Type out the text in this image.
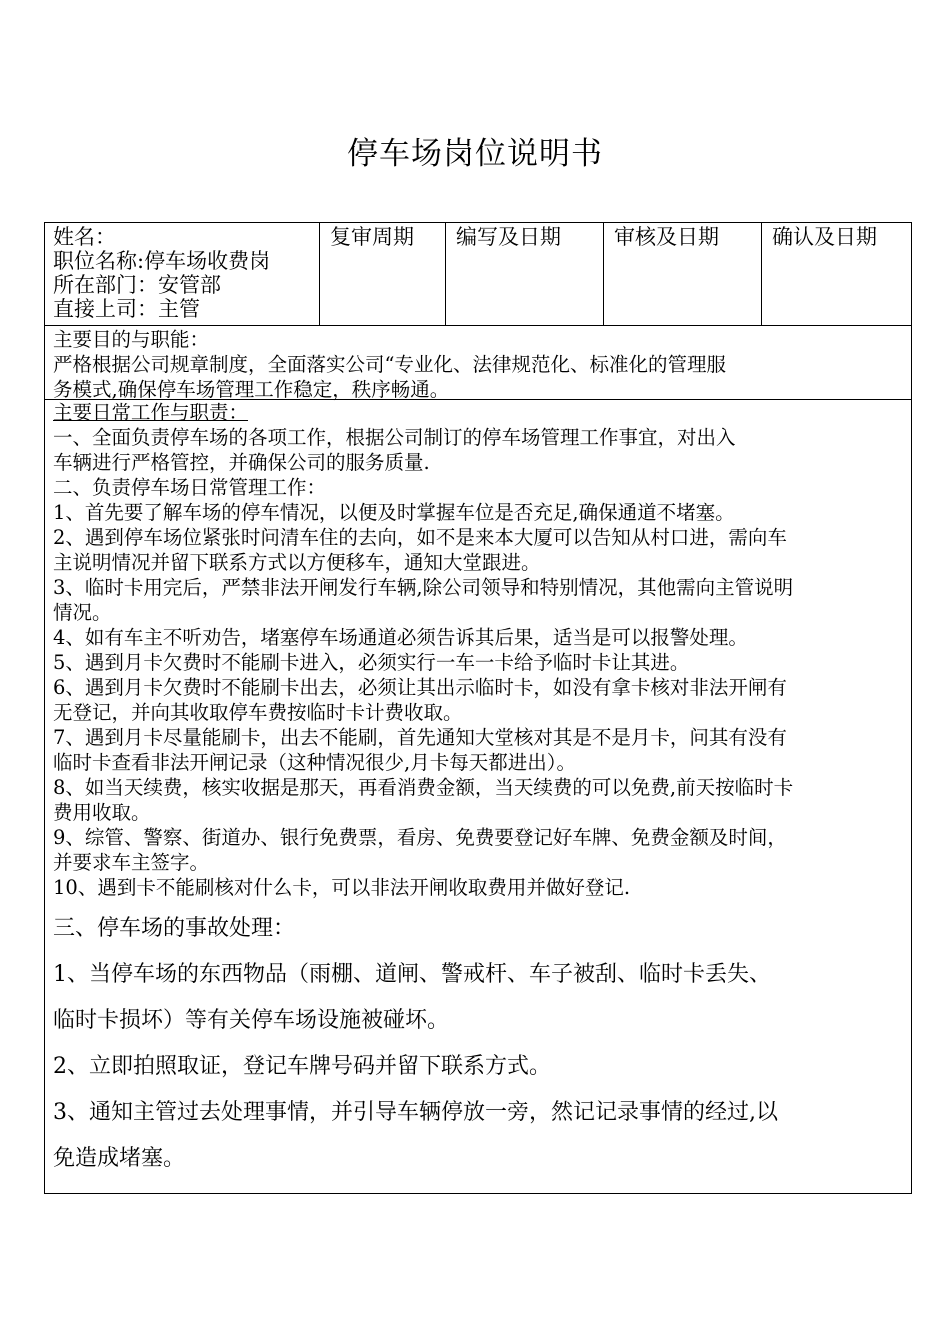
停车场岗位说明书
姓名：
职位名称:停车场收费岗
所在部门：安管部
直接上司：主管
复审周期	编写及日期	审核及日期	确认及日期
主要目的与职能：
严格根据公司规章制度，全面落实公司“专业化、法律规范化、标准化的管理服
务模式,确保停车场管理工作稳定，秩序畅通。
主要日常工作与职责：
一、全面负责停车场的各项工作，根据公司制订的停车场管理工作事宜，对出入
车辆进行严格管控，并确保公司的服务质量.
二、负责停车场日常管理工作：
1、首先要了解车场的停车情况，以便及时掌握车位是否充足,确保通道不堵塞。
2、遇到停车场位紧张时问清车住的去向，如不是来本大厦可以告知从村口进，需向车
主说明情况并留下联系方式以方便移车，通知大堂跟进。
3、临时卡用完后，严禁非法开闸发行车辆,除公司领导和特别情况，其他需向主管说明
情况。
4、如有车主不听劝告，堵塞停车场通道必须告诉其后果，适当是可以报警处理。
5、遇到月卡欠费时不能刷卡进入，必须实行一车一卡给予临时卡让其进。
6、遇到月卡欠费时不能刷卡出去，必须让其出示临时卡，如没有拿卡核对非法开闸有
无登记，并向其收取停车费按临时卡计费收取。
7、遇到月卡尽量能刷卡，出去不能刷，首先通知大堂核对其是不是月卡，问其有没有
临时卡查看非法开闸记录（这种情况很少,月卡每天都进出）。
8、如当天续费，核实收据是那天，再看消费金额，当天续费的可以免费,前天按临时卡
费用收取。
9、综管、警察、街道办、银行免费票，看房、免费要登记好车牌、免费金额及时间，
并要求车主签字。
10、遇到卡不能刷核对什么卡，可以非法开闸收取费用并做好登记.
三、停车场的事故处理：
1、当停车场的东西物品（雨棚、道闸、警戒杆、车子被刮、临时卡丢失、
临时卡损坏）等有关停车场设施被碰坏。
2、立即拍照取证，登记车牌号码并留下联系方式。
3、通知主管过去处理事情，并引导车辆停放一旁，然记记录事情的经过,以
免造成堵塞。
